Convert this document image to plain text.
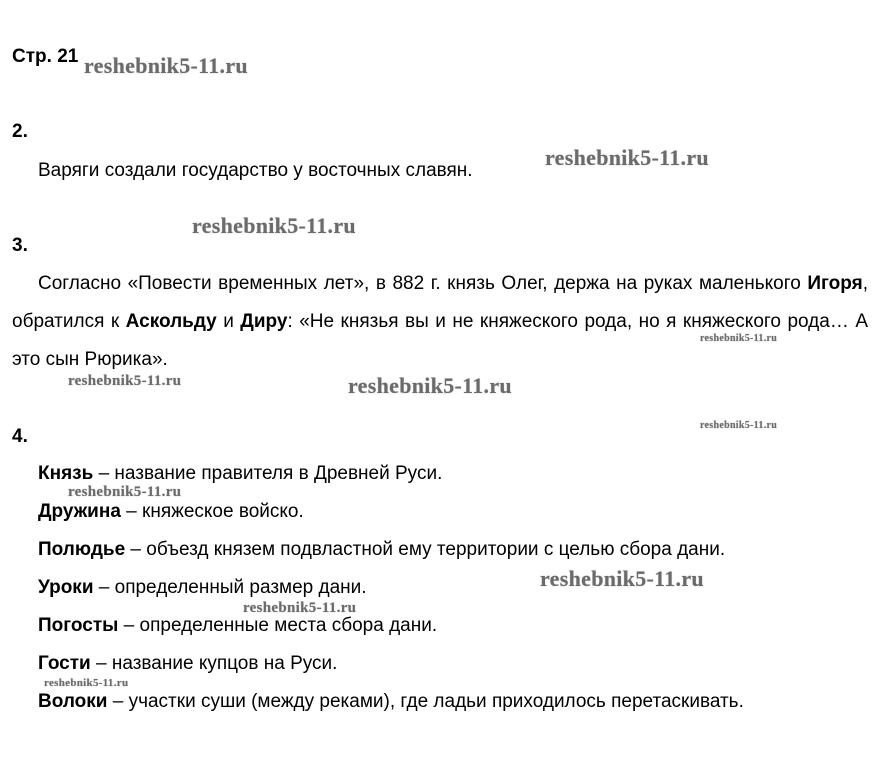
Стр. 21
2.
Варяги создали государство у восточных славян.
3.
Согласно «Повести временных лет», в 882 г. князь Олег, держа на руках маленького Игоря, обратился к Аскольду и Диру: «Не князья вы и не княжеского рода, но я княжеского рода… А это сын Рюрика».
4.
Князь – название правителя в Древней Руси.
Дружина – княжеское войско.
Полюдье – объезд князем подвластной ему территории с целью сбора дани.
Уроки – определенный размер дани.
Погосты – определенные места сбора дани.
Гости – название купцов на Руси.
Волоки – участки суши (между реками), где ладьи приходилось перетаскивать.
reshebnik5-11.ru
reshebnik5-11.ru
reshebnik5-11.ru
reshebnik5-11.ru
reshebnik5-11.ru	reshebnik5-11.ru
reshebnik5-11.ru
reshebnik5-11.ru
reshebnik5-11.ru
reshebnik5-11.ru
reshebnik5-11.ru
